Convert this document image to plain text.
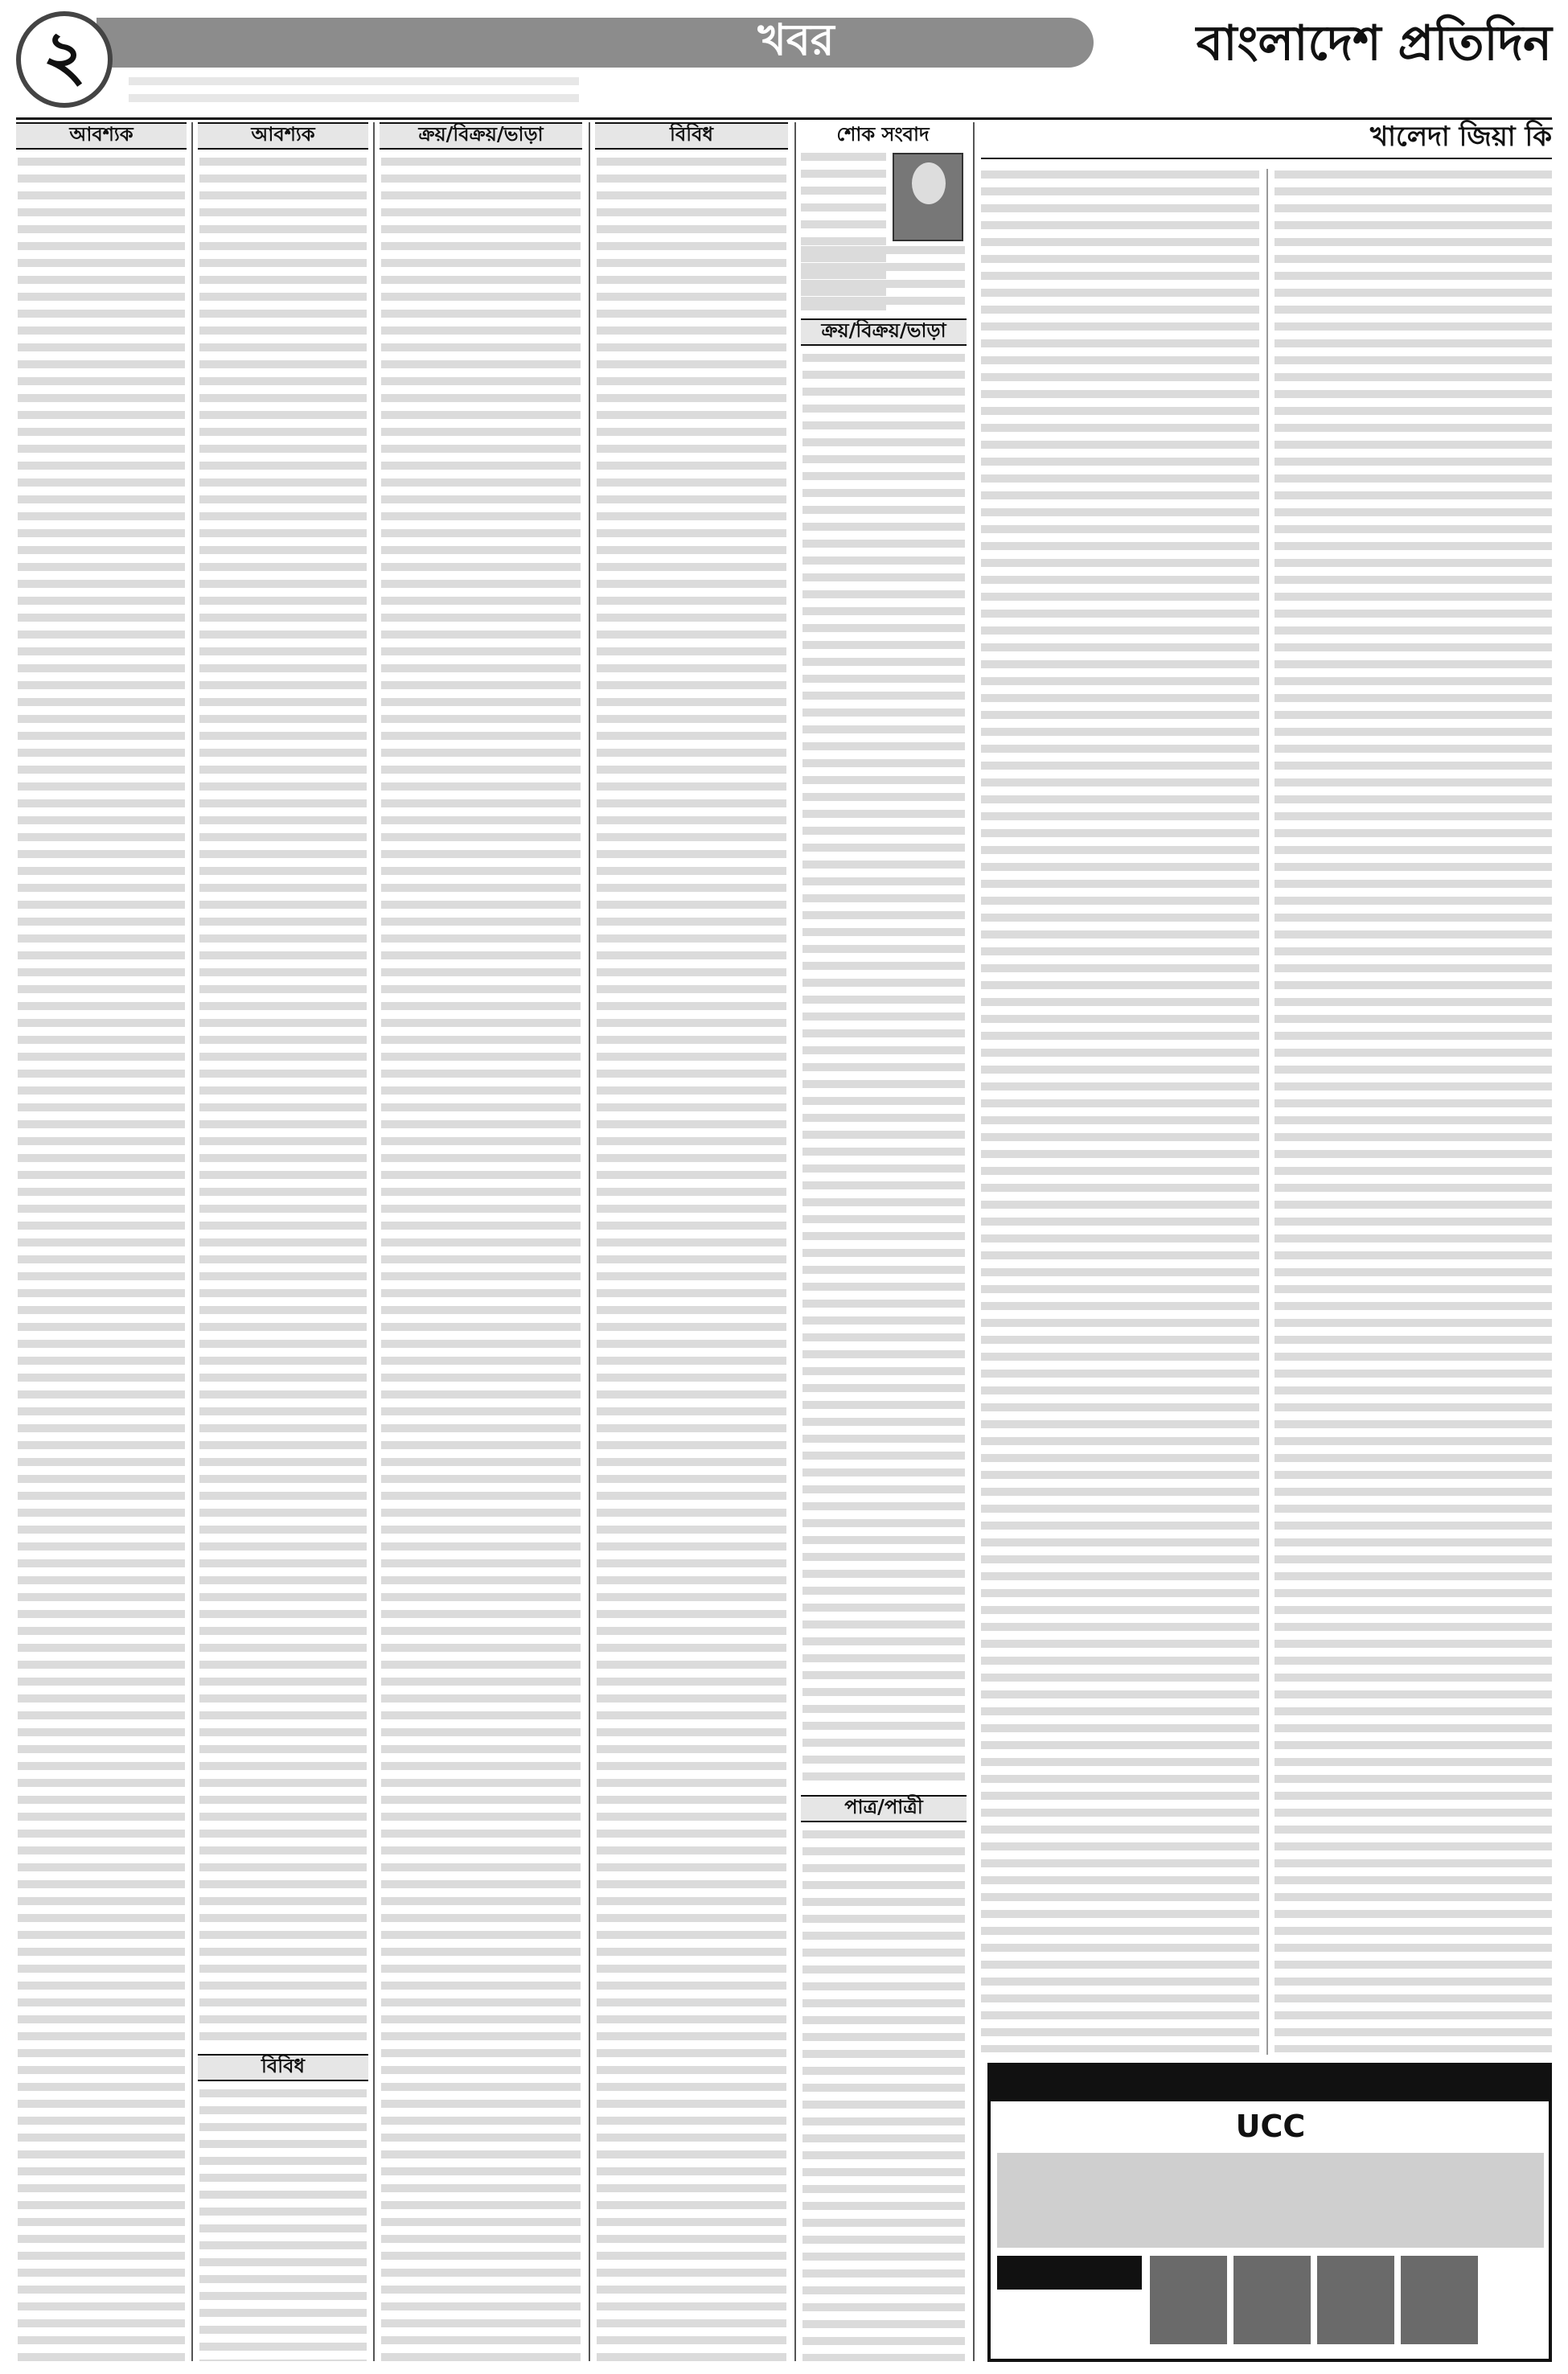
২	খবর	বাংলাদেশ প্রতিদিন
আবশ্যক	আবশ্যক
বিবিধ
ক্রয়/বিক্রয়/ভাড়া	বিবিধ	শোক সংবাদ
ক্রয়/বিক্রয়/ভাড়া
পাত্র/পাত্রী
খালেদা জিয়া কি
UCC
